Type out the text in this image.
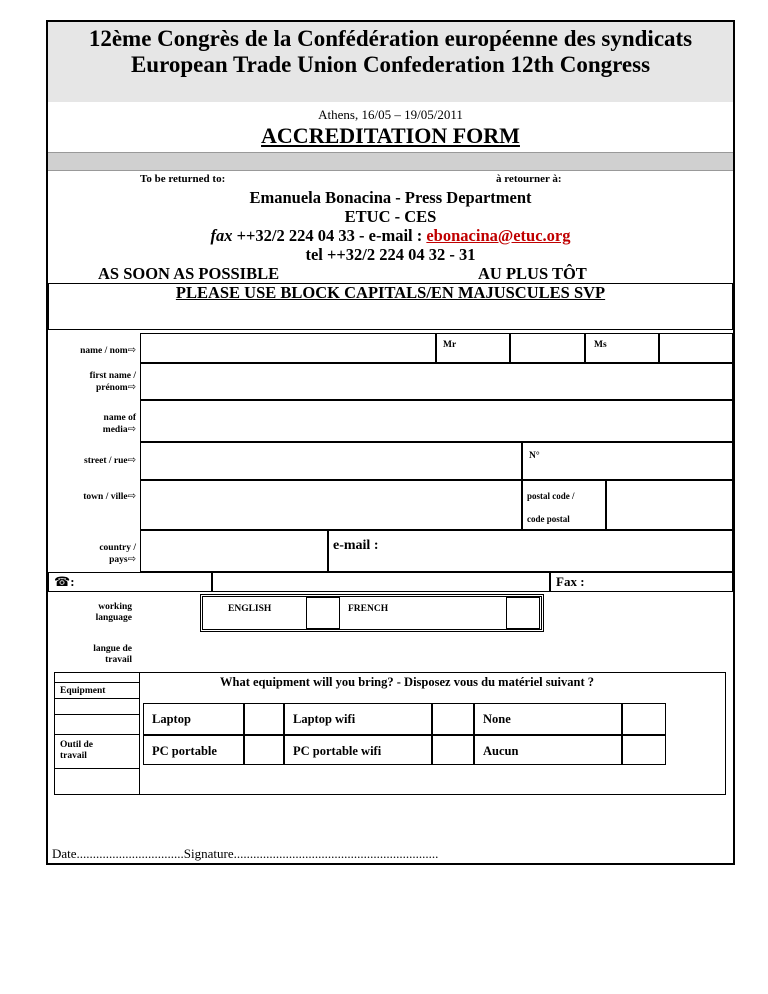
12ème Congrès de la Confédération européenne des syndicats
European Trade Union Confederation 12th Congress
Athens, 16/05 – 19/05/2011
ACCREDITATION FORM
To be returned to:	à retourner à:
Emanuela Bonacina - Press Department
ETUC - CES
fax ++32/2 224 04 33 - e-mail : ebonacina@etuc.org
tel ++32/2 224 04 32 - 31
AS SOON AS POSSIBLE	AU PLUS TÔT
PLEASE USE BLOCK CAPITALS/EN MAJUSCULES SVP
name / nom⇨	Mr	Ms
first name /
prénom⇨
name of
media⇨
street / rue⇨	N°
town / ville⇨	postal code /
code postal
country /
pays⇨
e-mail :
☎:	Fax :
working
language
langue de
travail
ENGLISH	FRENCH
Equipment
Outil de
travail
What equipment will you bring? - Disposez vous du matériel suivant ?
Laptop	Laptop wifi	None
PC portable	PC portable wifi	Aucun
Date.................................Signature...............................................................
